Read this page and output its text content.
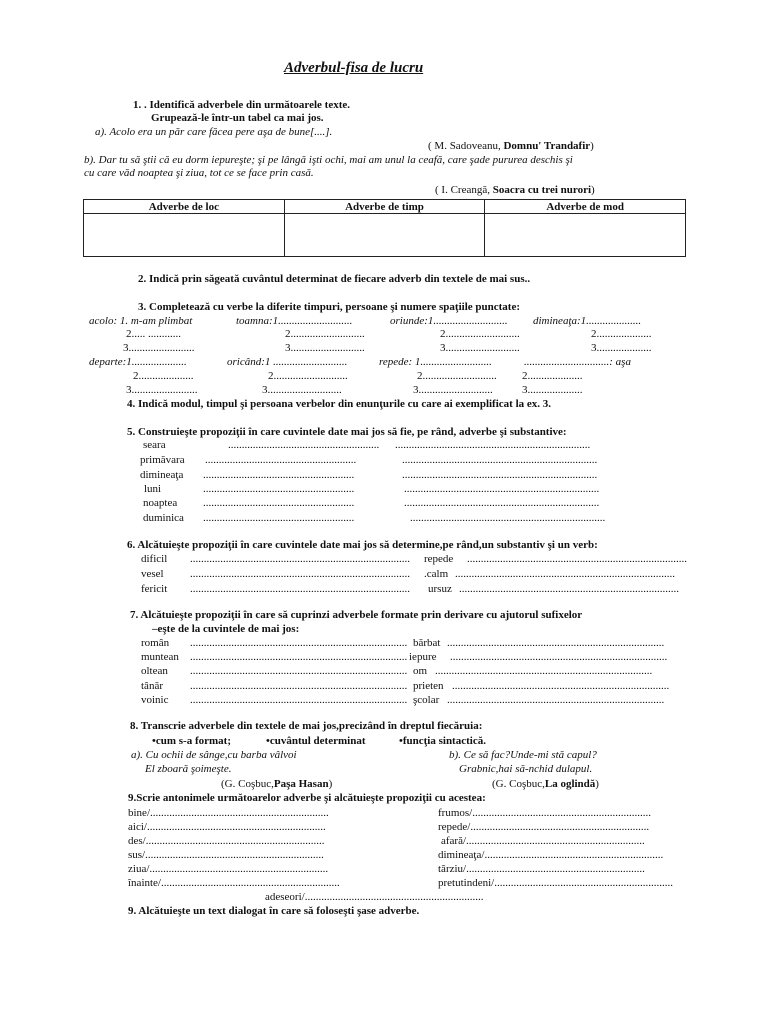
Adverbul-fisa de lucru
1. . Identifică adverbele din următoarele texte.
Grupează-le într-un tabel ca mai jos.
a). Acolo era un păr care făcea pere aşa de bune[....].
( M. Sadoveanu, Domnu' Trandafir)
b). Dar tu să ştii că eu dorm iepureşte; şi pe lângă işti ochi, mai am unul la ceafă, care şade pururea deschis şi
cu care văd noaptea şi ziua, tot ce se face prin casă.
( I. Creangă, Soacra cu trei nurori)
Adverbe de loc	Adverbe de timp	Adverbe de mod

2. Indică prin săgeată cuvântul determinat de fiecare adverb din textele de mai sus..
3. Completează cu verbe la diferite timpuri, persoane şi numere spaţiile punctate:
acolo: 1. m-am plimbat	toamna:1...........................	oriunde:1........................... dimineaţa:1....................
2..... ............	2...........................	2...........................	2....................
3........................	3...........................	3...........................	3....................
departe:1....................	oricând:1 ...........................	repede: 1..........................	...............................: aşa
2....................	2...........................	2........................... 2....................
3........................	3...........................	3...........................	3....................
4. Indică modul, timpul şi persoana verbelor din enunţurile cu care ai exemplificat la ex. 3.
5. Construieşte propoziţii în care cuvintele date mai jos să fie, pe rând, adverbe şi substantive:
seara	....................................................... .......................................................................
primăvara .......................................................	.......................................................................
dimineaţa .......................................................	.......................................................................
luni	.......................................................	.......................................................................
noaptea .......................................................	.......................................................................
duminica .......................................................	.......................................................................
6. Alcătuieşte propoziţii în care cuvintele date mai jos să determine,pe rând,un substantiv şi un verb:
dificil ................................................................................ repede ................................................................................
vesel ................................................................................ .calm ................................................................................
fericit ................................................................................ ursuz ................................................................................
7. Alcătuieşte propoziţii în care să cuprinzi adverbele formate prin derivare cu ajutorul sufixelor
–eşte de la cuvintele de mai jos:
român ............................................................................... bărbat ...............................................................................
muntean ............................................................................... iepure ...............................................................................
oltean ............................................................................... om ...............................................................................
tânăr ............................................................................... prieten ...............................................................................
voinic ............................................................................... şcolar ...............................................................................
8. Transcrie adverbele din textele de mai jos,precizând în dreptul fiecăruia:
•cum s-a format;	•cuvântul determinat	•funcţia sintactică.
a). Cu ochii de sânge,cu barba vâlvoi
El zboară şoimeşte.
(G. Coşbuc,Paşa Hasan)
b). Ce să fac?Unde-mi stă capul?
Grabnic,hai să-nchid dulapul.
(G. Coşbuc,La oglindă)
9.Scrie antonimele următoarelor adverbe şi alcătuieşte propoziţii cu acestea:
bine/.................................................................	frumos/.................................................................
aici/.................................................................	repede/.................................................................
des/.................................................................	afară/.................................................................
sus/.................................................................	dimineaţa/.................................................................
ziua/.................................................................	târziu/.................................................................
înainte/.................................................................	pretutindeni/.................................................................
adeseori/.................................................................
9. Alcătuieşte un text dialogat în care să foloseşti şase adverbe.
